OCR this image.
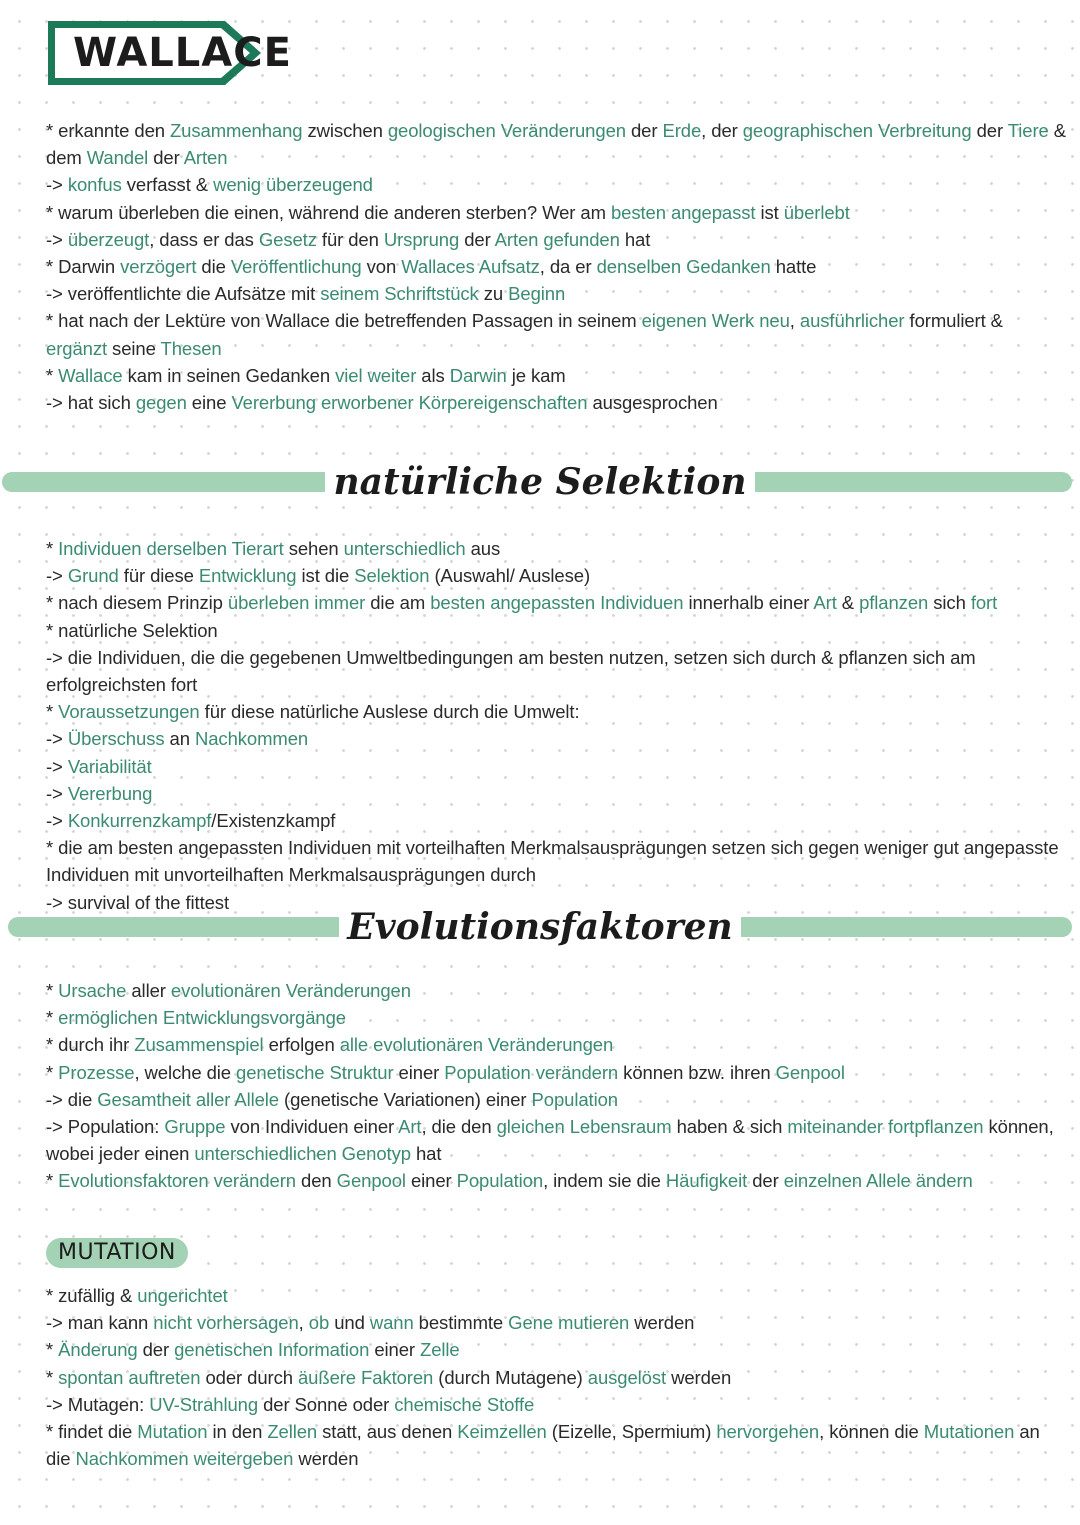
WALLACE

* erkannte den Zusammenhang zwischen geologischen Veränderungen der Erde, der geographischen Verbreitung der Tiere & dem Wandel der Arten

-> konfus verfasst & wenig überzeugend

* warum überleben die einen, während die anderen sterben? Wer am besten angepasst ist überlebt

-> überzeugt, dass er das Gesetz für den Ursprung der Arten gefunden hat

* Darwin verzögert die Veröffentlichung von Wallaces Aufsatz, da er denselben Gedanken hatte

-> veröffentlichte die Aufsätze mit seinem Schriftstück zu Beginn

* hat nach der Lektüre von Wallace die betreffenden Passagen in seinem eigenen Werk neu, ausführlicher formuliert & ergänzt seine Thesen

* Wallace kam in seinen Gedanken viel weiter als Darwin je kam

-> hat sich gegen eine Vererbung erworbener Körpereigenschaften ausgesprochen

natürliche Selektion

* Individuen derselben Tierart sehen unterschiedlich aus

-> Grund für diese Entwicklung ist die Selektion (Auswahl/ Auslese)

* nach diesem Prinzip überleben immer die am besten angepassten Individuen innerhalb einer Art & pflanzen sich fort

* natürliche Selektion

-> die Individuen, die die gegebenen Umweltbedingungen am besten nutzen, setzen sich durch & pflanzen sich am erfolgreichsten fort

* Voraussetzungen für diese natürliche Auslese durch die Umwelt:

-> Überschuss an Nachkommen

-> Variabilität

-> Vererbung

-> Konkurrenzkampf/Existenzkampf

* die am besten angepassten Individuen mit vorteilhaften Merkmalsausprägungen setzen sich gegen weniger gut angepasste Individuen mit unvorteilhaften Merkmalsausprägungen durch

-> survival of the fittest

Evolutionsfaktoren

* Ursache aller evolutionären Veränderungen

* ermöglichen Entwicklungsvorgänge

* durch ihr Zusammenspiel erfolgen alle evolutionären Veränderungen

* Prozesse, welche die genetische Struktur einer Population verändern können bzw. ihren Genpool

-> die Gesamtheit aller Allele (genetische Variationen) einer Population

-> Population: Gruppe von Individuen einer Art, die den gleichen Lebensraum haben & sich miteinander fortpflanzen können, wobei jeder einen unterschiedlichen Genotyp hat

* Evolutionsfaktoren verändern den Genpool einer Population, indem sie die Häufigkeit der einzelnen Allele ändern

MUTATION

* zufällig & ungerichtet

-> man kann nicht vorhersagen, ob und wann bestimmte Gene mutieren werden

* Änderung der genetischen Information einer Zelle

* spontan auftreten oder durch äußere Faktoren (durch Mutagene) ausgelöst werden

-> Mutagen: UV-Strahlung der Sonne oder chemische Stoffe

* findet die Mutation in den Zellen statt, aus denen Keimzellen (Eizelle, Spermium) hervorgehen, können die Mutationen an die Nachkommen weitergeben werden
